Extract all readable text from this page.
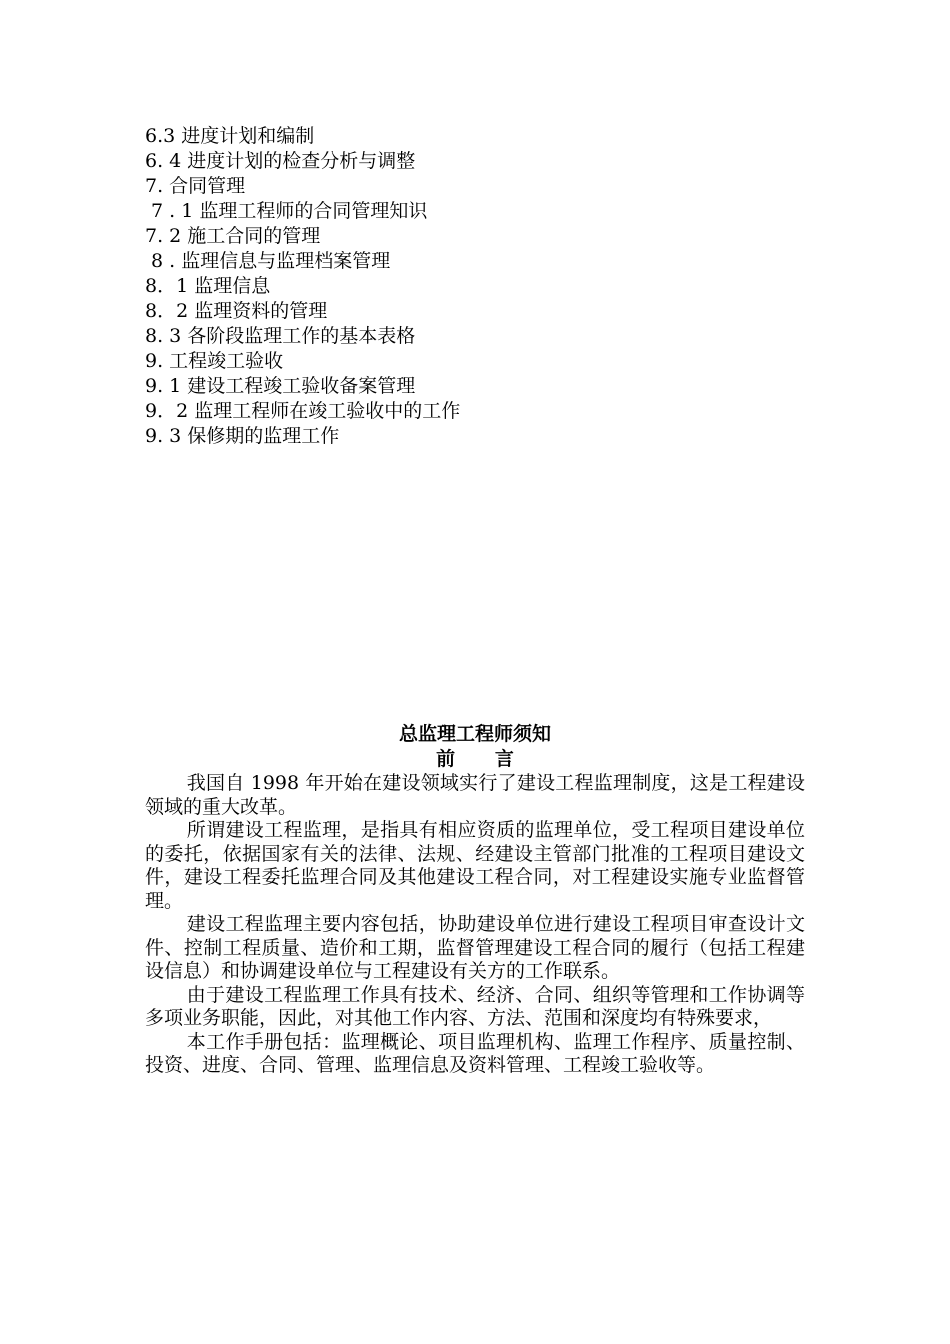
6.3 进度计划和编制
6. 4 进度计划的检查分析与调整
7. 合同管理
7 . 1 监理工程师的合同管理知识
7. 2 施工合同的管理
8 . 监理信息与监理档案管理
8．1 监理信息
8．2 监理资料的管理
8. 3 各阶段监理工作的基本表格
9. 工程竣工验收
9. 1 建设工程竣工验收备案管理
9．2 监理工程师在竣工验收中的工作
9. 3 保修期的监理工作
总监理工程师须知
前      言

我国自 1998 年开始在建设领域实行了建设工程监理制度，这是工程建设领域的重大改革。

所谓建设工程监理，是指具有相应资质的监理单位，受工程项目建设单位的委托，依据国家有关的法律、法规、经建设主管部门批准的工程项目建设文件，建设工程委托监理合同及其他建设工程合同，对工程建设实施专业监督管理。

建设工程监理主要内容包括，协助建设单位进行建设工程项目审查设计文件、控制工程质量、造价和工期，监督管理建设工程合同的履行（包括工程建设信息）和协调建设单位与工程建设有关方的工作联系。

由于建设工程监理工作具有技术、经济、合同、组织等管理和工作协调等多项业务职能，因此，对其他工作内容、方法、范围和深度均有特殊要求，

本工作手册包括：监理概论、项目监理机构、监理工作程序、质量控制、投资、进度、合同、管理、监理信息及资料管理、工程竣工验收等。
